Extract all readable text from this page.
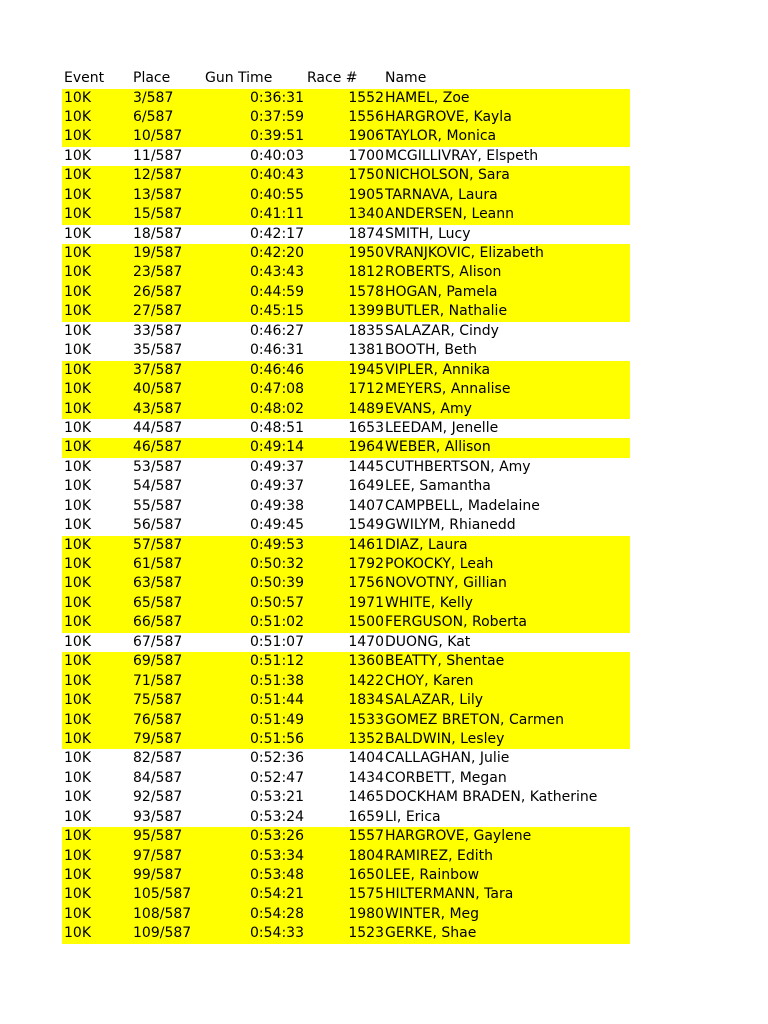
Event Place Gun Time Race # Name
10K	3/587	0:36:31	1552 HAMEL, Zoe
10K	6/587	0:37:59	1556 HARGROVE, Kayla
10K	10/587	0:39:51	1906 TAYLOR, Monica
10K	11/587	0:40:03	1700 MCGILLIVRAY, Elspeth
10K	12/587	0:40:43	1750 NICHOLSON, Sara
10K	13/587	0:40:55	1905 TARNAVA, Laura
10K	15/587	0:41:11	1340 ANDERSEN, Leann
10K	18/587	0:42:17	1874 SMITH, Lucy
10K	19/587	0:42:20	1950 VRANJKOVIC, Elizabeth
10K	23/587	0:43:43	1812 ROBERTS, Alison
10K	26/587	0:44:59	1578 HOGAN, Pamela
10K	27/587	0:45:15	1399 BUTLER, Nathalie
10K	33/587	0:46:27	1835 SALAZAR, Cindy
10K	35/587	0:46:31	1381 BOOTH, Beth
10K	37/587	0:46:46	1945 VIPLER, Annika
10K	40/587	0:47:08	1712 MEYERS, Annalise
10K	43/587	0:48:02	1489 EVANS, Amy
10K	44/587	0:48:51	1653 LEEDAM, Jenelle
10K	46/587	0:49:14	1964 WEBER, Allison
10K	53/587	0:49:37	1445 CUTHBERTSON, Amy
10K	54/587	0:49:37	1649 LEE, Samantha
10K	55/587	0:49:38	1407 CAMPBELL, Madelaine
10K	56/587	0:49:45	1549 GWILYM, Rhianedd
10K	57/587	0:49:53	1461 DIAZ, Laura
10K	61/587	0:50:32	1792 POKOCKY, Leah
10K	63/587	0:50:39	1756 NOVOTNY, Gillian
10K	65/587	0:50:57	1971 WHITE, Kelly
10K	66/587	0:51:02	1500 FERGUSON, Roberta
10K	67/587	0:51:07	1470 DUONG, Kat
10K	69/587	0:51:12	1360 BEATTY, Shentae
10K	71/587	0:51:38	1422 CHOY, Karen
10K	75/587	0:51:44	1834 SALAZAR, Lily
10K	76/587	0:51:49	1533 GOMEZ BRETON, Carmen
10K	79/587	0:51:56	1352 BALDWIN, Lesley
10K	82/587	0:52:36	1404 CALLAGHAN, Julie
10K	84/587	0:52:47	1434 CORBETT, Megan
10K	92/587	0:53:21	1465 DOCKHAM BRADEN, Katherine
10K	93/587	0:53:24	1659 LI, Erica
10K	95/587	0:53:26	1557 HARGROVE, Gaylene
10K	97/587	0:53:34	1804 RAMIREZ, Edith
10K	99/587	0:53:48	1650 LEE, Rainbow
10K	105/587	0:54:21	1575 HILTERMANN, Tara
10K	108/587	0:54:28	1980 WINTER, Meg
10K	109/587	0:54:33	1523 GERKE, Shae
